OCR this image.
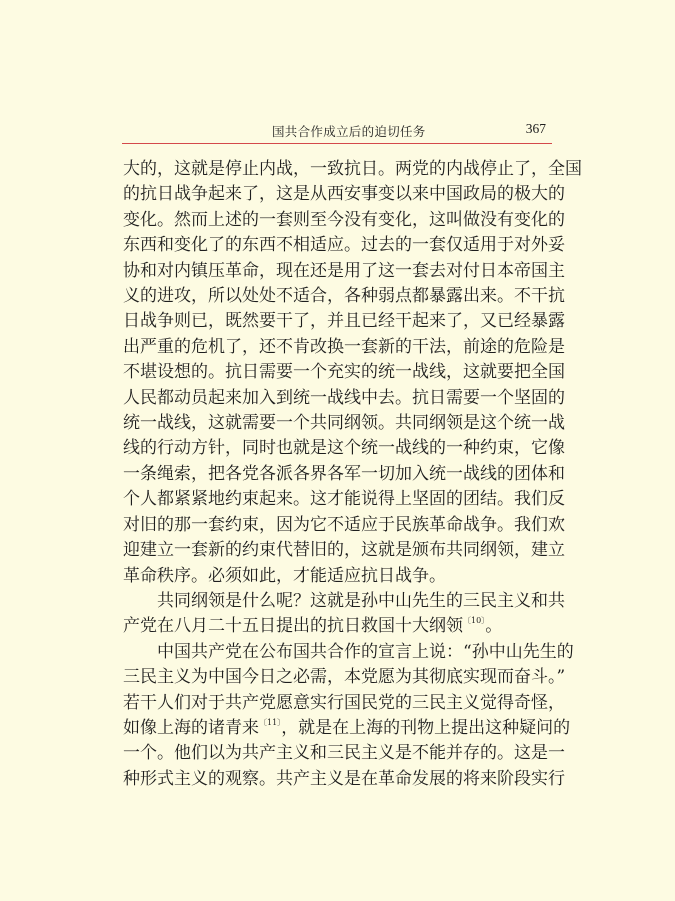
国共合作成立后的迫切任务	367
大的，这就是停止内战，一致抗日。两党的内战停止了，全国
的抗日战争起来了，这是从西安事变以来中国政局的极大的
变化。然而上述的一套则至今没有变化，这叫做没有变化的
东西和变化了的东西不相适应。过去的一套仅适用于对外妥
协和对内镇压革命，现在还是用了这一套去对付日本帝国主
义的进攻，所以处处不适合，各种弱点都暴露出来。不干抗
日战争则已，既然要干了，并且已经干起来了，又已经暴露
出严重的危机了，还不肯改换一套新的干法，前途的危险是
不堪设想的。抗日需要一个充实的统一战线，这就要把全国
人民都动员起来加入到统一战线中去。抗日需要一个坚固的
统一战线，这就需要一个共同纲领。共同纲领是这个统一战
线的行动方针，同时也就是这个统一战线的一种约束，它像
一条绳索，把各党各派各界各军一切加入统一战线的团体和
个人都紧紧地约束起来。这才能说得上坚固的团结。我们反
对旧的那一套约束，因为它不适应于民族革命战争。我们欢
迎建立一套新的约束代替旧的，这就是颁布共同纲领，建立
革命秩序。必须如此，才能适应抗日战争。
共同纲领是什么呢？这就是孙中山先生的三民主义和共
产党在八月二十五日提出的抗日救国十大纲领$^{〔10〕}$。
中国共产党在公布国共合作的宣言上说：“孙中山先生的
三民主义为中国今日之必需，本党愿为其彻底实现而奋斗。”
若干人们对于共产党愿意实行国民党的三民主义觉得奇怪，
如像上海的诸青来$^{〔11〕}$，就是在上海的刊物上提出这种疑问的
一个。他们以为共产主义和三民主义是不能并存的。这是一
种形式主义的观察。共产主义是在革命发展的将来阶段实行
